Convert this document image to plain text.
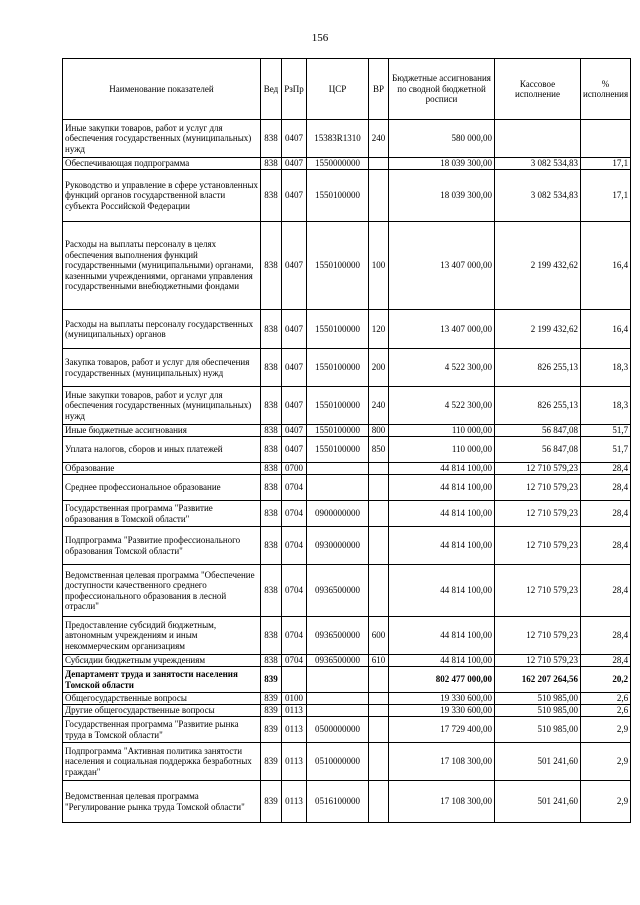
156
Наименование показателей	Вед	РзПр	ЦСР	ВР	Бюджетные ассигнования по сводной бюджетной росписи	Кассовое исполнение	% исполнения
Иные закупки товаров, работ и услуг для обеспечения государственных (муниципальных) нужд	838	0407	15383R1310	240	580 000,00		
Обеспечивающая подпрограмма	838	0407	1550000000		18 039 300,00	3 082 534,83	17,1
Руководство и управление в сфере установленных функций органов государственной власти субъекта Российской Федерации	838	0407	1550100000		18 039 300,00	3 082 534,83	17,1
Расходы на выплаты персоналу в целях обеспечения выполнения функций государственными (муниципальными) органами, казенными учреждениями, органами управления государственными внебюджетными фондами	838	0407	1550100000	100	13 407 000,00	2 199 432,62	16,4
Расходы на выплаты персоналу государственных (муниципальных) органов	838	0407	1550100000	120	13 407 000,00	2 199 432,62	16,4
Закупка товаров, работ и услуг для обеспечения государственных (муниципальных) нужд	838	0407	1550100000	200	4 522 300,00	826 255,13	18,3
Иные закупки товаров, работ и услуг для обеспечения государственных (муниципальных) нужд	838	0407	1550100000	240	4 522 300,00	826 255,13	18,3
Иные бюджетные ассигнования	838	0407	1550100000	800	110 000,00	56 847,08	51,7
Уплата налогов, сборов и иных платежей	838	0407	1550100000	850	110 000,00	56 847,08	51,7
Образование	838	0700			44 814 100,00	12 710 579,23	28,4
Среднее профессиональное образование	838	0704			44 814 100,00	12 710 579,23	28,4
Государственная программа "Развитие образования в Томской области"	838	0704	0900000000		44 814 100,00	12 710 579,23	28,4
Подпрограмма "Развитие профессионального образования Томской области"	838	0704	0930000000		44 814 100,00	12 710 579,23	28,4
Ведомственная целевая программа "Обеспечение доступности качественного среднего профессионального образования в лесной отрасли"	838	0704	0936500000		44 814 100,00	12 710 579,23	28,4
Предоставление субсидий бюджетным, автономным учреждениям и иным некоммерческим организациям	838	0704	0936500000	600	44 814 100,00	12 710 579,23	28,4
Субсидии бюджетным учреждениям	838	0704	0936500000	610	44 814 100,00	12 710 579,23	28,4
Департамент труда и занятости населения Томской области	839				802 477 000,00	162 207 264,56	20,2
Общегосударственные вопросы	839	0100			19 330 600,00	510 985,00	2,6
Другие общегосударственные вопросы	839	0113			19 330 600,00	510 985,00	2,6
Государственная программа "Развитие рынка труда в Томской области"	839	0113	0500000000		17 729 400,00	510 985,00	2,9
Подпрограмма "Активная политика занятости населения и социальная поддержка безработных граждан"	839	0113	0510000000		17 108 300,00	501 241,60	2,9
Ведомственная целевая программа "Регулирование рынка труда Томской области"	839	0113	0516100000		17 108 300,00	501 241,60	2,9
